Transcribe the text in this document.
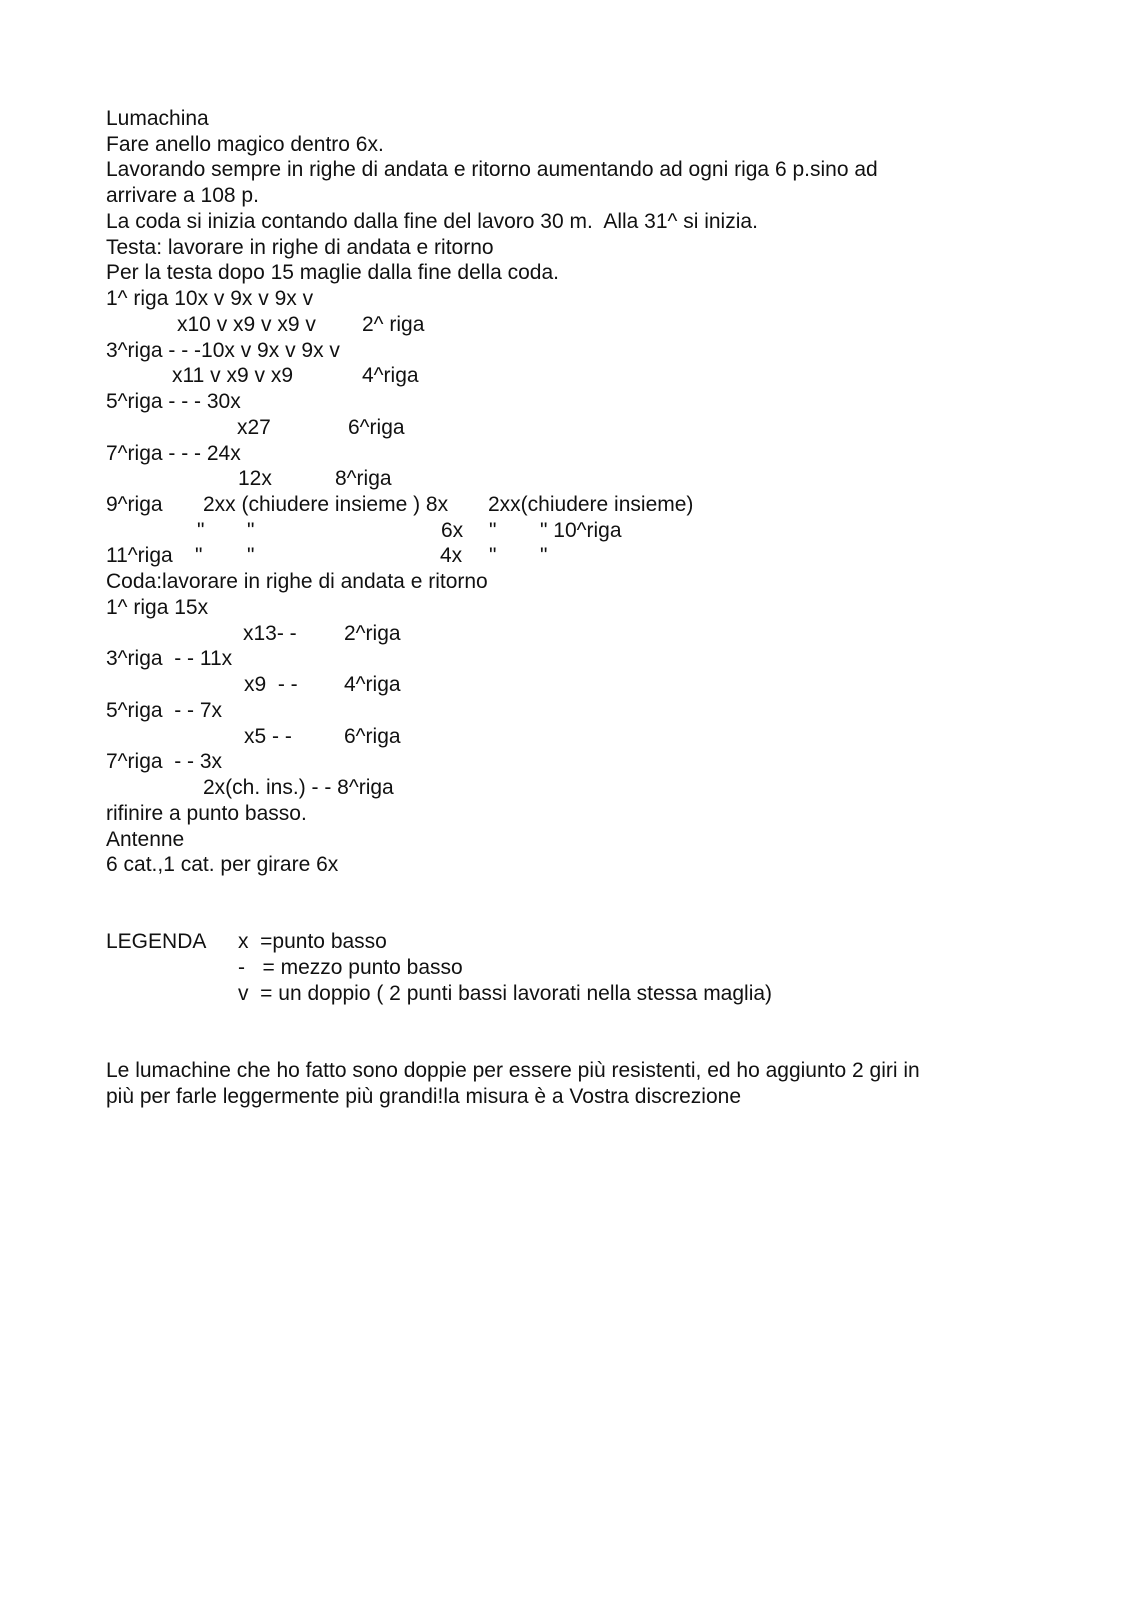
Lumachina
Fare anello magico dentro 6x.
Lavorando sempre in righe di andata e ritorno aumentando ad ogni riga 6 p.sino ad
arrivare a 108 p.
La coda si inizia contando dalla fine del lavoro 30 m.  Alla 31^ si inizia.
Testa: lavorare in righe di andata e ritorno
Per la testa dopo 15 maglie dalla fine della coda.
1^ riga 10x v 9x v 9x v
x10 v x9 v x9 v 2^ riga
3^riga - - -10x v 9x v 9x v
x11 v x9 v x9	4^riga
5^riga - - - 30x
x27	6^riga
7^riga - - - 24x
12x	8^riga
9^riga 2xx (chiudere insieme ) 8x 2xx(chiudere insieme)
" "	6x " " 10^riga
11^riga " "	4x " "
Coda:lavorare in righe di andata e ritorno
1^ riga 15x
x13- - 2^riga
3^riga  - - 11x
x9  - - 4^riga
5^riga  - - 7x
x5 - - 6^riga
7^riga  - - 3x
2x(ch. ins.) - - 8^riga
rifinire a punto basso.
Antenne
6 cat.,1 cat. per girare 6x
LEGENDA x  =punto basso
-   = mezzo punto basso
v  = un doppio ( 2 punti bassi lavorati nella stessa maglia)
Le lumachine che ho fatto sono doppie per essere più resistenti, ed ho aggiunto 2 giri in
più per farle leggermente più grandi!la misura è a Vostra discrezione
